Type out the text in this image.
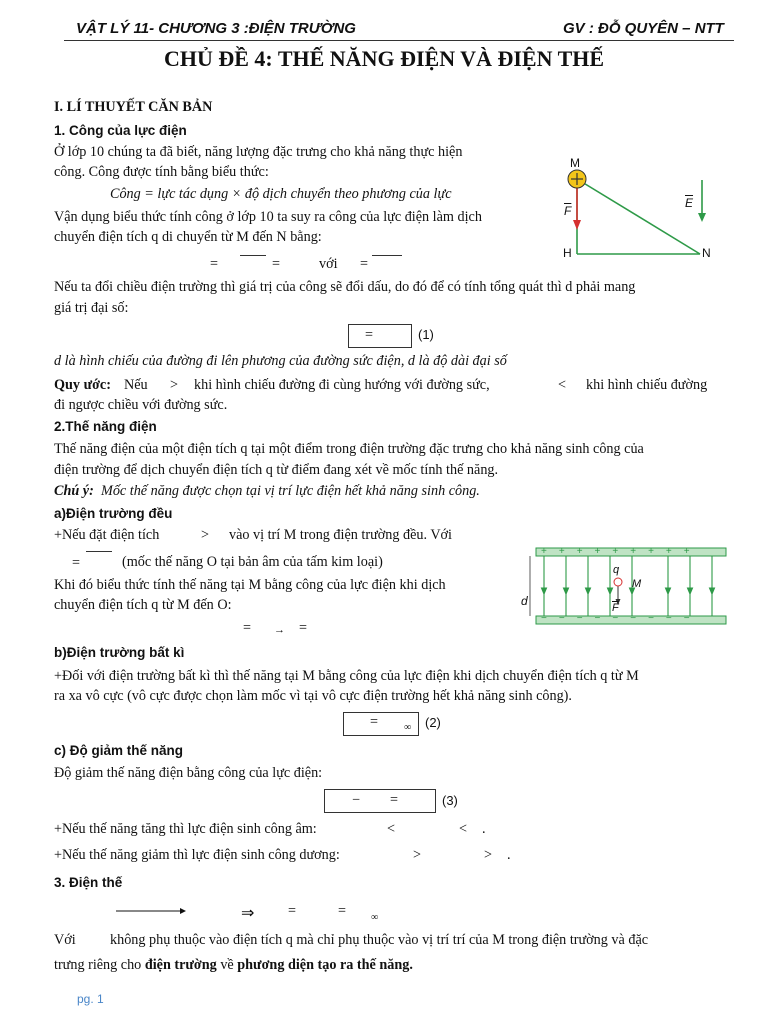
VẬT LÝ 11- CHƯƠNG 3 :ĐIỆN TRƯỜNG	GV : ĐỖ QUYÊN – NTT
CHỦ ĐỀ 4: THẾ NĂNG ĐIỆN VÀ ĐIỆN THẾ
I. LÍ THUYẾT CĂN BẢN
1. Công của lực điện
Ở lớp 10 chúng ta đã biết, năng lượng đặc trưng cho khả năng thực hiện
công. Công được tính bằng biểu thức:
Công = lực tác dụng × độ dịch chuyển theo phương của lực
Vận dụng biểu thức tính công ở lớp 10 ta suy ra công của lực điện làm dịch
chuyển điện tích q di chuyển từ M đến N bằng:
=	=	với =
Nếu ta đổi chiều điện trường thì giá trị của công sẽ đổi dấu, do đó để có tính tổng quát thì d phải mang
giá trị đại số:
=	(1)
d là hình chiếu của đường đi lên phương của đường sức điện, d là độ dài đại số
Quy ước: Nếu > khi hình chiếu đường đi cùng hướng với đường sức,	< khi hình chiếu đường
đi ngược chiều với đường sức.
M
$\overline{F}$
$\overline{E}$
H	N
2.Thế năng điện
Thế năng điện của một điện tích q tại một điểm trong điện trường đặc trưng cho khả năng sinh công của
điện trường để dịch chuyển điện tích q từ điểm đang xét về mốc tính thế năng.
Chú ý: Mốc thế năng được chọn tại vị trí lực điện hết khả năng sinh công.
a)Điện trường đều
+Nếu đặt điện tích	> vào vị trí M trong điện trường đều. Với
=	(mốc thế năng O tại bản âm của tấm kim loại)
Khi đó biểu thức tính thế năng tại M bằng công của lực điện khi dịch
chuyển điện tích q từ M đến O:
= → =
+++++++++
−−−−−−−−−
q
M
$\overline{F}$
d
b)Điện trường bất kì
+Đối với điện trường bất kì thì thế năng tại M bằng công của lực điện khi dịch chuyển điện tích q từ M
ra xa vô cực (vô cực được chọn làm mốc vì tại vô cực điện trường hết khả năng sinh công).
=	∞ (2)
c) Độ giảm thế năng
Độ giảm thế năng điện bằng công của lực điện:
− =	(3)
+Nếu thế năng tăng thì lực điện sinh công âm:	<	< .
+Nếu thế năng giảm thì lực điện sinh công dương:	>	> .
3. Điện thế
⇒ =	= ∞
Với không phụ thuộc vào điện tích q mà chỉ phụ thuộc vào vị trí trí của M trong điện trường và đặc
trưng riêng cho điện trường về phương diện tạo ra thế năng.
pg. 1
